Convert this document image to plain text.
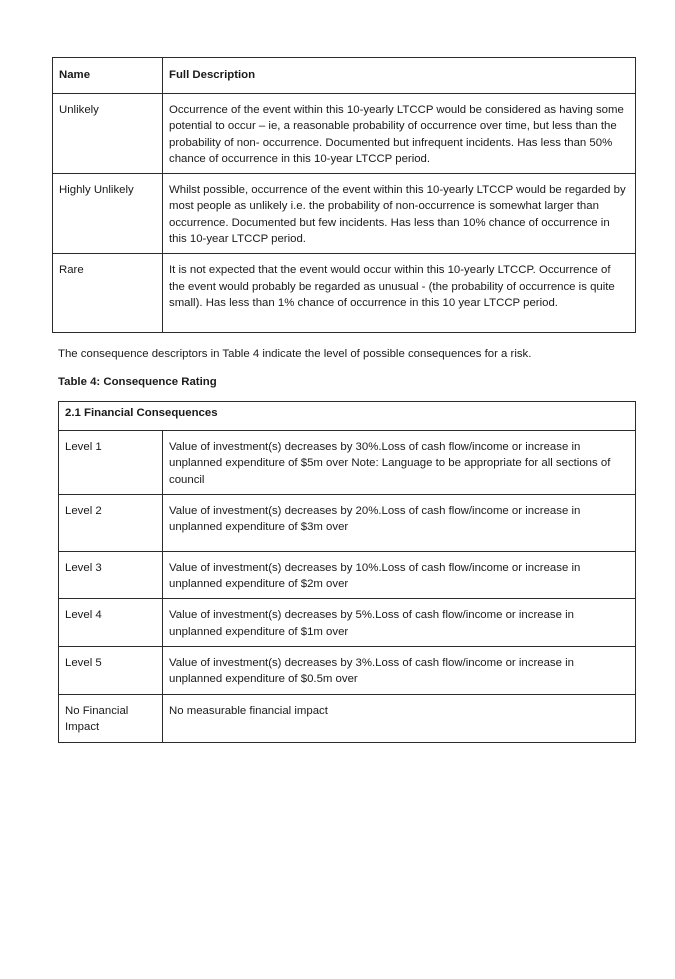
Name	Full Description
Unlikely	Occurrence of the event within this 10-yearly LTCCP would be considered as having some potential to occur – ie, a reasonable probability of occurrence over time, but less than the probability of non- occurrence. Documented but infrequent incidents. Has less than 50% chance of occurrence in this 10-year LTCCP period.
Highly Unlikely	Whilst possible, occurrence of the event within this 10-yearly LTCCP would be regarded by most people as unlikely i.e. the probability of non-occurrence is somewhat larger than occurrence. Documented but few incidents. Has less than 10% chance of occurrence in this 10-year LTCCP period.
Rare	It is not expected that the event would occur within this 10-yearly LTCCP. Occurrence of the event would probably be regarded as unusual - (the probability of occurrence is quite small). Has less than 1% chance of occurrence in this 10 year LTCCP period.
The consequence descriptors in Table 4 indicate the level of possible consequences for a risk.
Table 4: Consequence Rating
2.1 Financial Consequences	
Level 1	Value of investment(s) decreases by 30%.Loss of cash flow/income or increase in unplanned expenditure of $5m over Note: Language to be appropriate for all sections of council
Level 2	Value of investment(s) decreases by 20%.Loss of cash flow/income or increase in unplanned expenditure of $3m over
Level 3	Value of investment(s) decreases by 10%.Loss of cash flow/income or increase in unplanned expenditure of $2m over
Level 4	Value of investment(s) decreases by 5%.Loss of cash flow/income or increase in unplanned expenditure of $1m over
Level 5	Value of investment(s) decreases by 3%.Loss of cash flow/income or increase in unplanned expenditure of $0.5m over
No Financial Impact	No measurable financial impact
